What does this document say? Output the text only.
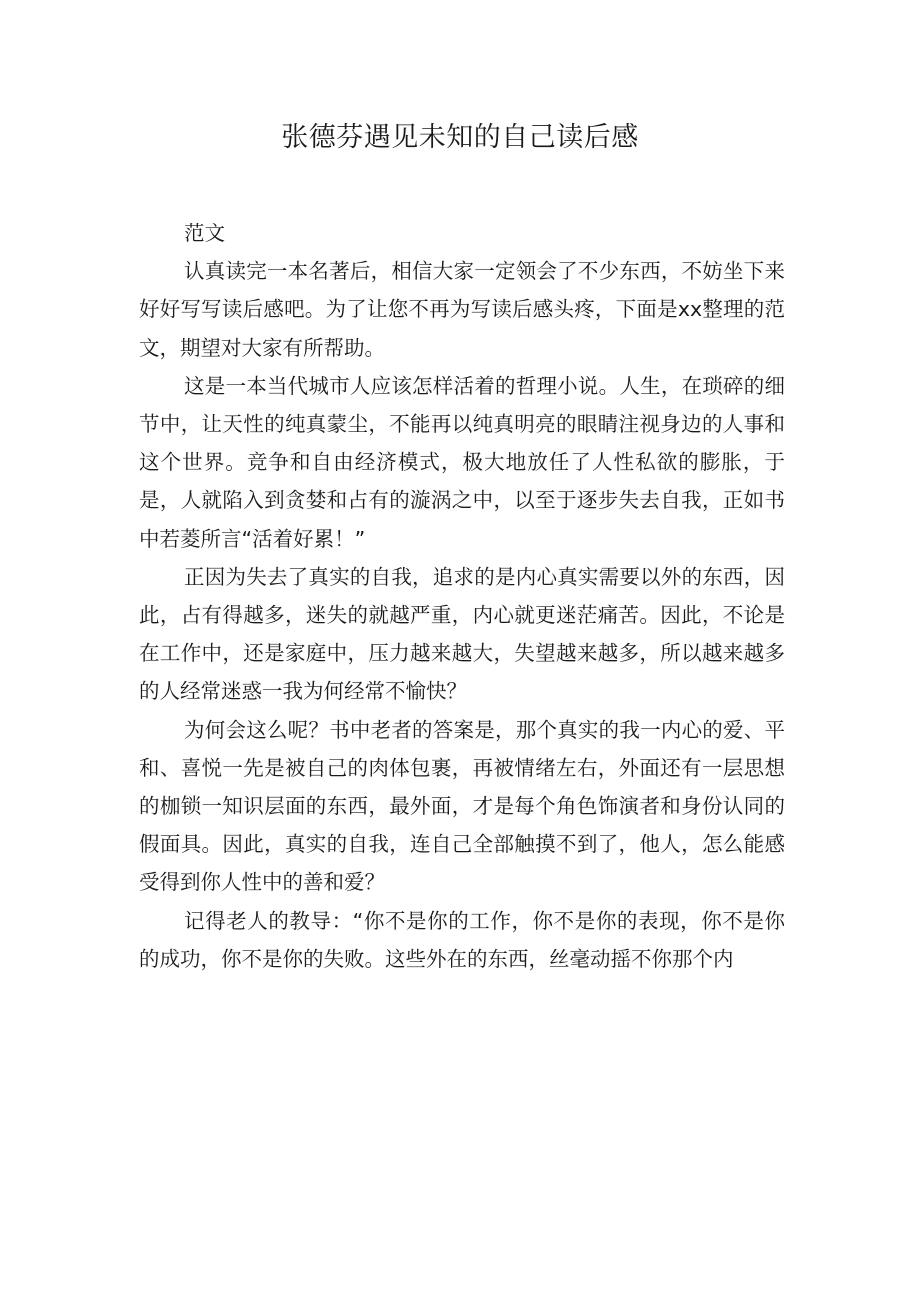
张德芬遇见未知的自己读后感

范文

认真读完一本名著后，相信大家一定领会了不少东西，不妨坐下来好好写写读后感吧。为了让您不再为写读后感头疼，下面是xx整理的范文，期望对大家有所帮助。

这是一本当代城市人应该怎样活着的哲理小说。人生，在琐碎的细节中，让天性的纯真蒙尘，不能再以纯真明亮的眼睛注视身边的人事和这个世界。竞争和自由经济模式，极大地放任了人性私欲的膨胀，于是，人就陷入到贪婪和占有的漩涡之中，以至于逐步失去自我，正如书中若菱所言“活着好累！”

正因为失去了真实的自我，追求的是内心真实需要以外的东西，因此，占有得越多，迷失的就越严重，内心就更迷茫痛苦。因此，不论是在工作中，还是家庭中，压力越来越大，失望越来越多，所以越来越多的人经常迷惑一我为何经常不愉快？

为何会这么呢？书中老者的答案是，那个真实的我一内心的爱、平和、喜悦一先是被自己的肉体包裹，再被情绪左右，外面还有一层思想的枷锁一知识层面的东西，最外面，才是每个角色饰演者和身份认同的假面具。因此，真实的自我，连自己全部触摸不到了，他人，怎么能感受得到你人性中的善和爱？

记得老人的教导：“你不是你的工作，你不是你的表现，你不是你的成功，你不是你的失败。这些外在的东西，丝毫动摇不你那个内
